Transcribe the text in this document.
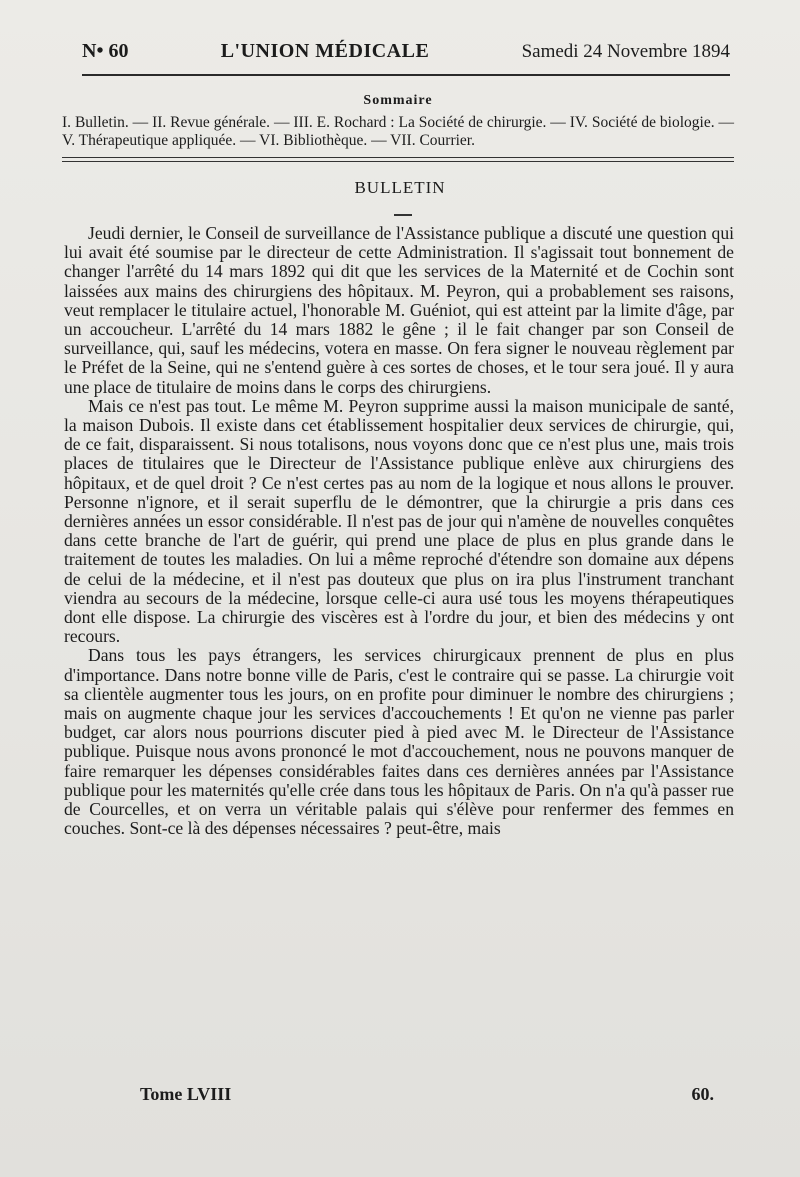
N• 60	L'UNION MÉDICALE	Samedi 24 Novembre 1894
Sommaire
I. Bulletin. — II. Revue générale. — III. E. Rochard : La Société de chirurgie. — IV. Société de biologie. — V. Thérapeutique appliquée. — VI. Bibliothèque. — VII. Courrier.
BULLETIN

Jeudi dernier, le Conseil de surveillance de l'Assistance publique a discuté une question qui lui avait été soumise par le directeur de cette Administration. Il s'agissait tout bonnement de changer l'arrêté du 14 mars 1892 qui dit que les services de la Maternité et de Cochin sont laissées aux mains des chirurgiens des hôpitaux. M. Peyron, qui a probablement ses raisons, veut remplacer le titulaire actuel, l'honorable M. Guéniot, qui est atteint par la limite d'âge, par un accoucheur. L'arrêté du 14 mars 1882 le gêne ; il le fait changer par son Conseil de surveillance, qui, sauf les médecins, votera en masse. On fera signer le nouveau règlement par le Préfet de la Seine, qui ne s'entend guère à ces sortes de choses, et le tour sera joué. Il y aura une place de titulaire de moins dans le corps des chirurgiens.

Mais ce n'est pas tout. Le même M. Peyron supprime aussi la maison municipale de santé, la maison Dubois. Il existe dans cet établissement hospitalier deux services de chirurgie, qui, de ce fait, disparaissent. Si nous totalisons, nous voyons donc que ce n'est plus une, mais trois places de titulaires que le Directeur de l'Assistance publique enlève aux chirurgiens des hôpitaux, et de quel droit ? Ce n'est certes pas au nom de la logique et nous allons le prouver. Personne n'ignore, et il serait superflu de le démontrer, que la chirurgie a pris dans ces dernières années un essor considérable. Il n'est pas de jour qui n'amène de nouvelles conquêtes dans cette branche de l'art de guérir, qui prend une place de plus en plus grande dans le traitement de toutes les maladies. On lui a même reproché d'étendre son domaine aux dépens de celui de la médecine, et il n'est pas douteux que plus on ira plus l'instrument tranchant viendra au secours de la médecine, lorsque celle-ci aura usé tous les moyens thérapeutiques dont elle dispose. La chirurgie des viscères est à l'ordre du jour, et bien des médecins y ont recours.

Dans tous les pays étrangers, les services chirurgicaux prennent de plus en plus d'importance. Dans notre bonne ville de Paris, c'est le contraire qui se passe. La chirurgie voit sa clientèle augmenter tous les jours, on en profite pour diminuer le nombre des chirurgiens ; mais on augmente chaque jour les services d'accouchements ! Et qu'on ne vienne pas parler budget, car alors nous pourrions discuter pied à pied avec M. le Directeur de l'Assistance publique. Puisque nous avons prononcé le mot d'accouchement, nous ne pouvons manquer de faire remarquer les dépenses considérables faites dans ces dernières années par l'Assistance publique pour les maternités qu'elle crée dans tous les hôpitaux de Paris. On n'a qu'à passer rue de Courcelles, et on verra un véritable palais qui s'élève pour renfermer des femmes en couches. Sont-ce là des dépenses nécessaires ? peut-être, mais

Tome LVIII	60.
